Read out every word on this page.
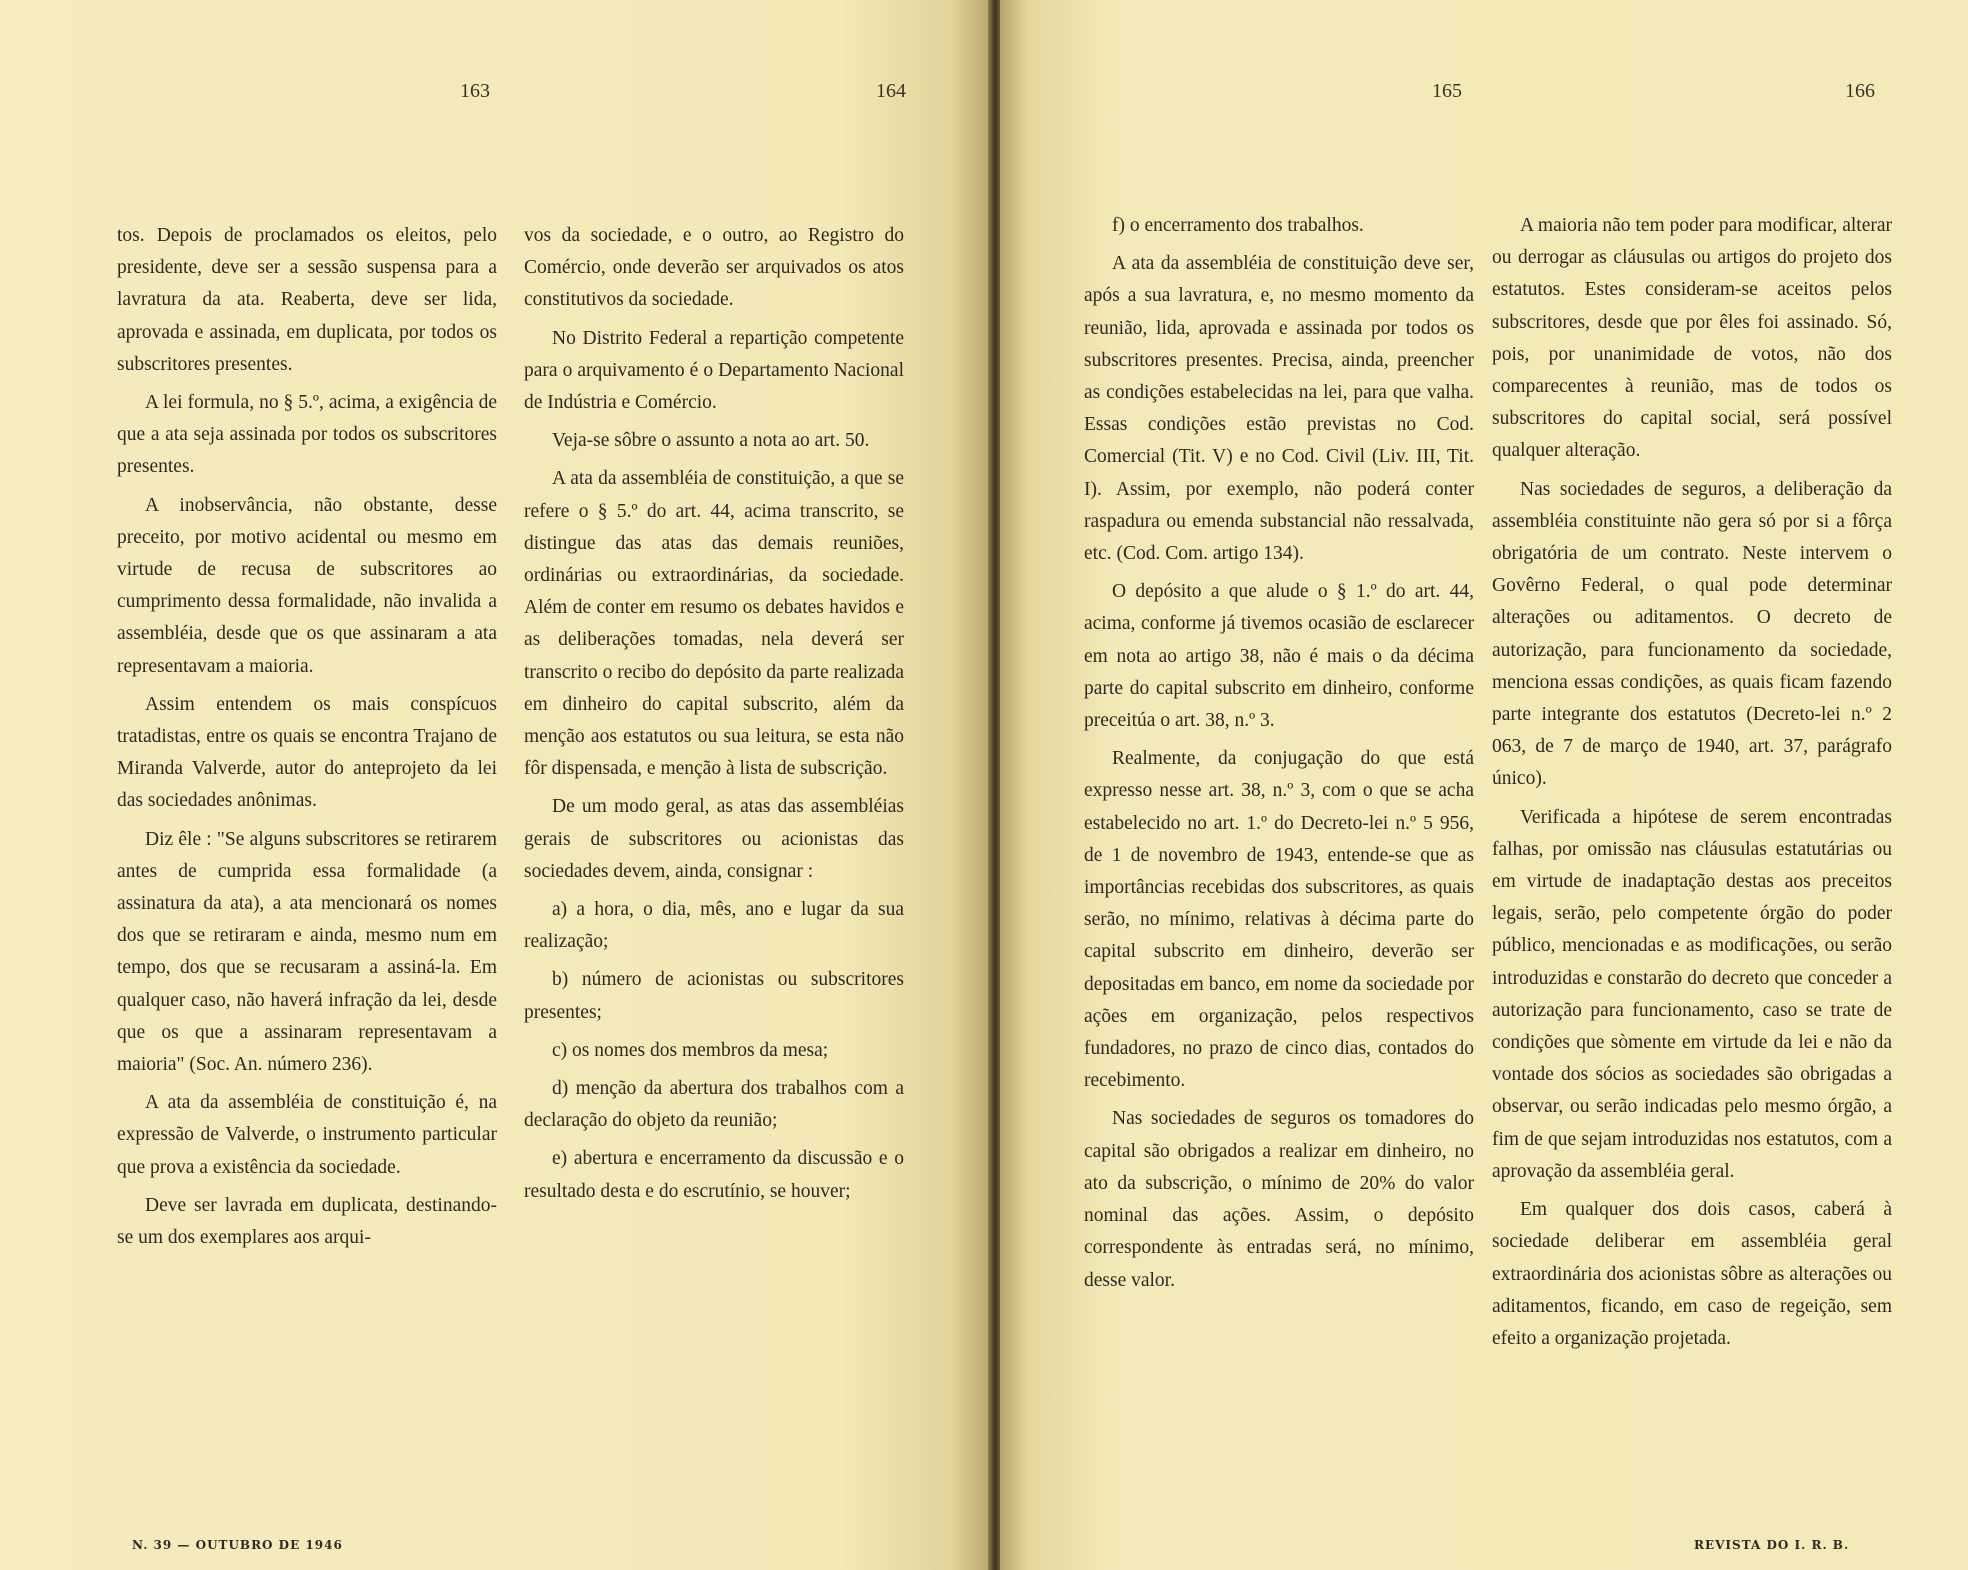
163	164

tos. Depois de proclamados os eleitos, pelo presidente, deve ser a sessão suspensa para a lavratura da ata. Reaberta, deve ser lida, aprovada e assinada, em duplicata, por todos os subscritores presentes.

A lei formula, no § 5.º, acima, a exigência de que a ata seja assinada por todos os subscritores presentes.

A inobservância, não obstante, desse preceito, por motivo acidental ou mesmo em virtude de recusa de subscritores ao cumprimento dessa formalidade, não invalida a assembléia, desde que os que assinaram a ata representavam a maioria.

Assim entendem os mais conspícuos tratadistas, entre os quais se encontra Trajano de Miranda Valverde, autor do anteprojeto da lei das sociedades anônimas.

Diz êle : "Se alguns subscritores se retirarem antes de cumprida essa formalidade (a assinatura da ata), a ata mencionará os nomes dos que se retiraram e ainda, mesmo num em tempo, dos que se recusaram a assiná-la. Em qualquer caso, não haverá infração da lei, desde que os que a assinaram representavam a maioria" (Soc. An. número 236).

A ata da assembléia de constituição é, na expressão de Valverde, o instrumento particular que prova a existência da sociedade.

Deve ser lavrada em duplicata, destinando-se um dos exemplares aos arqui-

vos da sociedade, e o outro, ao Registro do Comércio, onde deverão ser arquivados os atos constitutivos da sociedade.

No Distrito Federal a repartição competente para o arquivamento é o Departamento Nacional de Indústria e Comércio.

Veja-se sôbre o assunto a nota ao art. 50.

A ata da assembléia de constituição, a que se refere o § 5.º do art. 44, acima transcrito, se distingue das atas das demais reuniões, ordinárias ou extraordinárias, da sociedade. Além de conter em resumo os debates havidos e as deliberações tomadas, nela deverá ser transcrito o recibo do depósito da parte realizada em dinheiro do capital subscrito, além da menção aos estatutos ou sua leitura, se esta não fôr dispensada, e menção à lista de subscrição.

De um modo geral, as atas das assembléias gerais de subscritores ou acionistas das sociedades devem, ainda, consignar :

a) a hora, o dia, mês, ano e lugar da sua realização;

b) número de acionistas ou subscritores presentes;

c) os nomes dos membros da mesa;

d) menção da abertura dos trabalhos com a declaração do objeto da reunião;

e) abertura e encerramento da discussão e o resultado desta e do escrutínio, se houver;

N. 39 — OUTUBRO DE 1946
165	166

f) o encerramento dos trabalhos.

A ata da assembléia de constituição deve ser, após a sua lavratura, e, no mesmo momento da reunião, lida, aprovada e assinada por todos os subscritores presentes. Precisa, ainda, preencher as condições estabelecidas na lei, para que valha. Essas condições estão previstas no Cod. Comercial (Tit. V) e no Cod. Civil (Liv. III, Tit. I). Assim, por exemplo, não poderá conter raspadura ou emenda substancial não ressalvada, etc. (Cod. Com. artigo 134).

O depósito a que alude o § 1.º do art. 44, acima, conforme já tivemos ocasião de esclarecer em nota ao artigo 38, não é mais o da décima parte do capital subscrito em dinheiro, conforme preceitúa o art. 38, n.º 3.

Realmente, da conjugação do que está expresso nesse art. 38, n.º 3, com o que se acha estabelecido no art. 1.º do Decreto-lei n.º 5 956, de 1 de novembro de 1943, entende-se que as importâncias recebidas dos subscritores, as quais serão, no mínimo, relativas à décima parte do capital subscrito em dinheiro, deverão ser depositadas em banco, em nome da sociedade por ações em organização, pelos respectivos fundadores, no prazo de cinco dias, contados do recebimento.

Nas sociedades de seguros os tomadores do capital são obrigados a realizar em dinheiro, no ato da subscrição, o mínimo de 20% do valor nominal das ações. Assim, o depósito correspondente às entradas será, no mínimo, desse valor.

A maioria não tem poder para modificar, alterar ou derrogar as cláusulas ou artigos do projeto dos estatutos. Estes consideram-se aceitos pelos subscritores, desde que por êles foi assinado. Só, pois, por unanimidade de votos, não dos comparecentes à reunião, mas de todos os subscritores do capital social, será possível qualquer alteração.

Nas sociedades de seguros, a deliberação da assembléia constituinte não gera só por si a fôrça obrigatória de um contrato. Neste intervem o Govêrno Federal, o qual pode determinar alterações ou aditamentos. O decreto de autorização, para funcionamento da sociedade, menciona essas condições, as quais ficam fazendo parte integrante dos estatutos (Decreto-lei n.º 2 063, de 7 de março de 1940, art. 37, parágrafo único).

Verificada a hipótese de serem encontradas falhas, por omissão nas cláusulas estatutárias ou em virtude de inadaptação destas aos preceitos legais, serão, pelo competente órgão do poder público, mencionadas e as modificações, ou serão introduzidas e constarão do decreto que conceder a autorização para funcionamento, caso se trate de condições que sòmente em virtude da lei e não da vontade dos sócios as sociedades são obrigadas a observar, ou serão indicadas pelo mesmo órgão, a fim de que sejam introduzidas nos estatutos, com a aprovação da assembléia geral.

Em qualquer dos dois casos, caberá à sociedade deliberar em assembléia geral extraordinária dos acionistas sôbre as alterações ou aditamentos, ficando, em caso de regeição, sem efeito a organização projetada.

REVISTA DO I. R. B.
